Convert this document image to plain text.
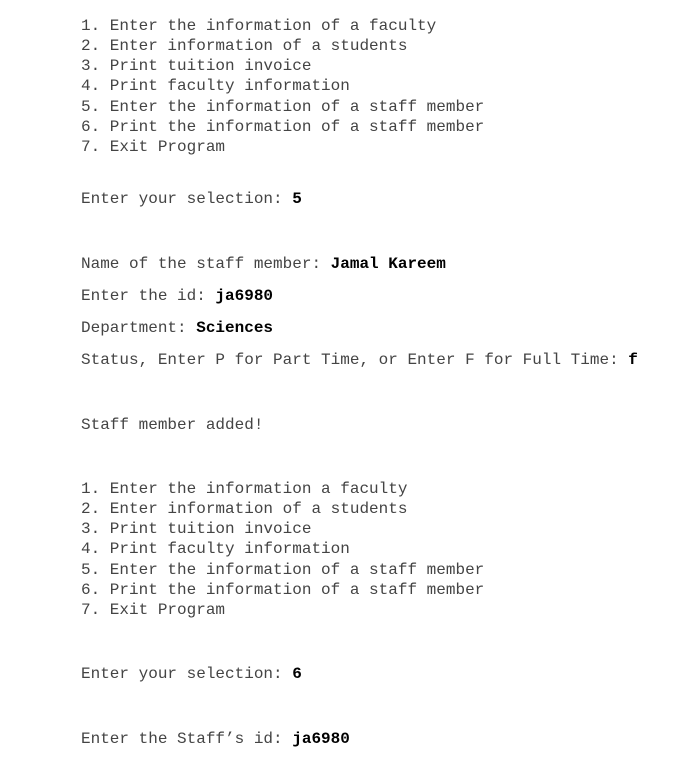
1. Enter the information of a faculty
2. Enter information of a students
3. Print tuition invoice
4. Print faculty information
5. Enter the information of a staff member
6. Print the information of a staff member
7. Exit Program
Enter your selection: 5
Name of the staff member: Jamal Kareem
Enter the id: ja6980
Department: Sciences
Status, Enter P for Part Time, or Enter F for Full Time: f
Staff member added!
1. Enter the information a faculty
2. Enter information of a students
3. Print tuition invoice
4. Print faculty information
5. Enter the information of a staff member
6. Print the information of a staff member
7. Exit Program
Enter your selection: 6
Enter the Staff’s id: ja6980
